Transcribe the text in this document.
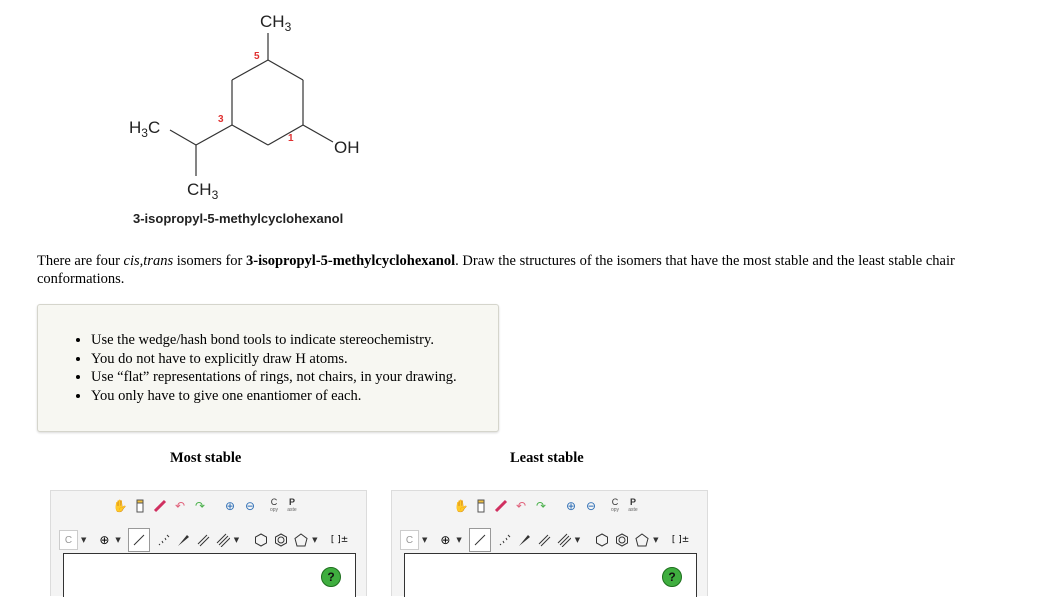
$CH_3$
$H_3C$
$CH_3$
OH
5
3
1
3-isopropyl-5-methylcyclohexanol
There are four cis,trans isomers for 3-isopropyl-5-methylcyclohexanol. Draw the structures of the isomers that have the most stable and the least stable chair conformations.
• Use the wedge/hash bond tools to indicate stereochemistry.
• You do not have to explicitly draw H atoms.
• Use “flat” representations of rings, not chairs, in your drawing.
• You only have to give one enantiomer of each.
Most stable	Least stable
✋	↶ ↷	⊕ ⊖	C
opy
P
aste
C	▼	⊕ ▼	▼	▼ [ ]±
?
✋	↶ ↷	⊕ ⊖	C
opy
P
aste
C	▼	⊕ ▼	▼	▼ [ ]±
?
